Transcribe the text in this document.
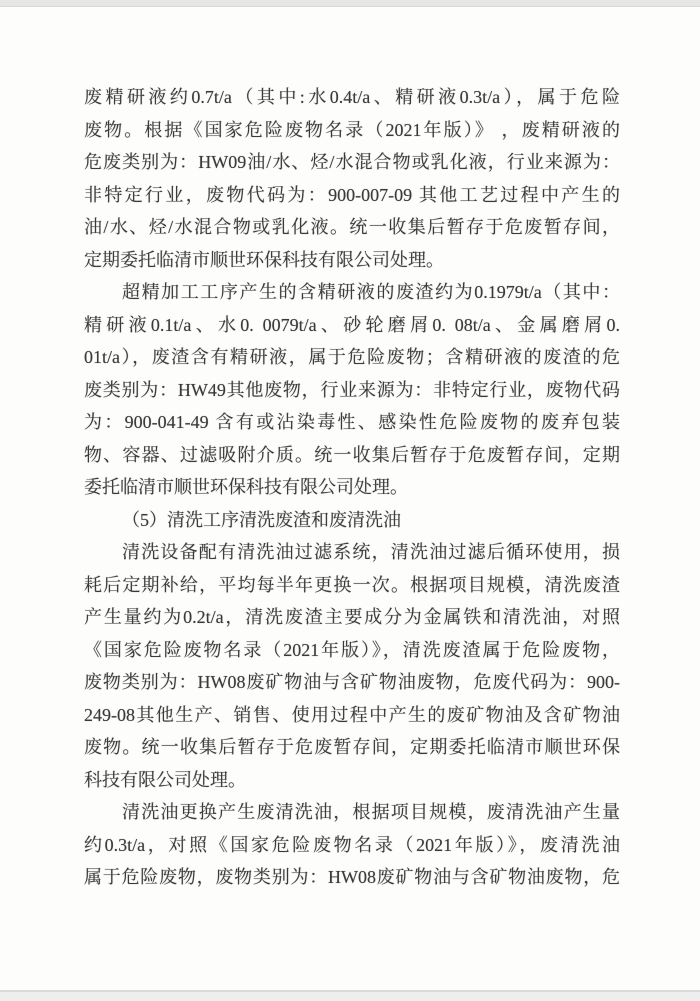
废精研液约0.7t/a（其中:水0.4t/a、精研液0.3t/a），属于危险
废物。根据《国家危险废物名录（2021年版）》 ，废精研液的
危废类别为：HW09油/水、烃/水混合物或乳化液，行业来源为：
非特定行业，废物代码为：900-007-09 其他工艺过程中产生的
油/水、烃/水混合物或乳化液。统一收集后暂存于危废暂存间，
定期委托临清市顺世环保科技有限公司处理。
超精加工工序产生的含精研液的废渣约为0.1979t/a（其中：
精研液0.1t/a、水0. 0079t/a、砂轮磨屑0. 08t/a、金属磨屑0.
01t/a），废渣含有精研液，属于危险废物；含精研液的废渣的危
废类别为：HW49其他废物，行业来源为：非特定行业，废物代码
为：900-041-49 含有或沾染毒性、感染性危险废物的废弃包装
物、容器、过滤吸附介质。统一收集后暂存于危废暂存间，定期
委托临清市顺世环保科技有限公司处理。
（5）清洗工序清洗废渣和废清洗油
清洗设备配有清洗油过滤系统，清洗油过滤后循环使用，损
耗后定期补给，平均每半年更换一次。根据项目规模，清洗废渣
产生量约为0.2t/a，清洗废渣主要成分为金属铁和清洗油，对照
《国家危险废物名录（2021年版）》，清洗废渣属于危险废物，
废物类别为：HW08废矿物油与含矿物油废物，危废代码为：900-
249-08其他生产、销售、使用过程中产生的废矿物油及含矿物油
废物。统一收集后暂存于危废暂存间，定期委托临清市顺世环保
科技有限公司处理。
清洗油更换产生废清洗油，根据项目规模，废清洗油产生量
约0.3t/a，对照《国家危险废物名录（2021年版）》，废清洗油
属于危险废物，废物类别为：HW08废矿物油与含矿物油废物，危
